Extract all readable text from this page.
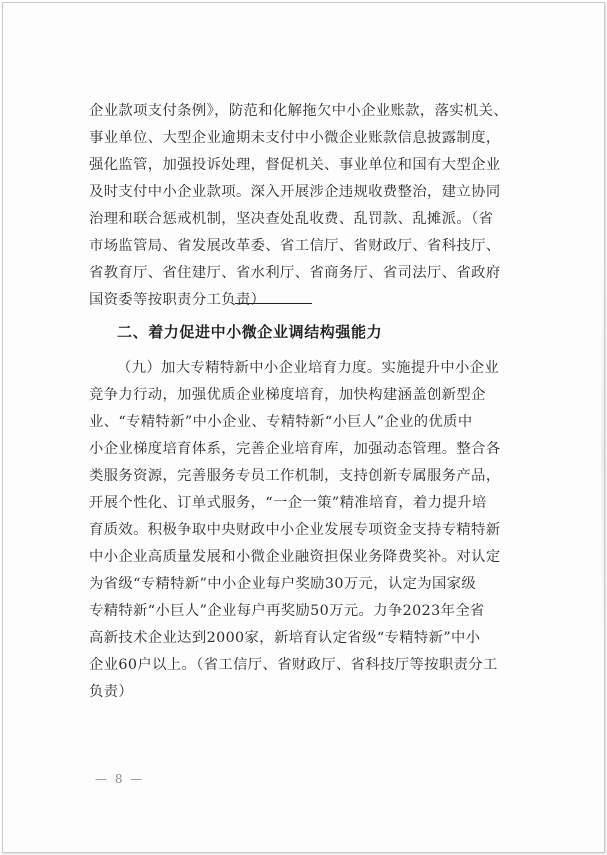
企业款项支付条例》，防范和化解拖欠中小企业账款，落实机关、
事业单位、大型企业逾期未支付中小微企业账款信息披露制度，
强化监管，加强投诉处理，督促机关、事业单位和国有大型企业
及时支付中小企业款项。深入开展涉企违规收费整治，建立协同
治理和联合惩戒机制，坚决查处乱收费、乱罚款、乱摊派。（省
市场监管局、省发展改革委、省工信厅、省财政厅、省科技厅、
省教育厅、省住建厅、省水利厅、省商务厅、省司法厅、省政府
国资委等按职责分工负责）
二、着力促进中小微企业调结构强能力
（九）加大专精特新中小企业培育力度。实施提升中小企业
竞争力行动，加强优质企业梯度培育，加快构建涵盖创新型企
业、“专精特新”中小企业、专精特新“小巨人”企业的优质中
小企业梯度培育体系，完善企业培育库，加强动态管理。整合各
类服务资源，完善服务专员工作机制，支持创新专属服务产品，
开展个性化、订单式服务，“一企一策”精准培育，着力提升培
育质效。积极争取中央财政中小企业发展专项资金支持专精特新
中小企业高质量发展和小微企业融资担保业务降费奖补。对认定
为省级“专精特新”中小企业每户奖励30万元，认定为国家级
专精特新“小巨人”企业每户再奖励50万元。力争2023年全省
高新技术企业达到2000家，新培育认定省级“专精特新”中小
企业60户以上。（省工信厅、省财政厅、省科技厅等按职责分工
负责）
— 8 —
